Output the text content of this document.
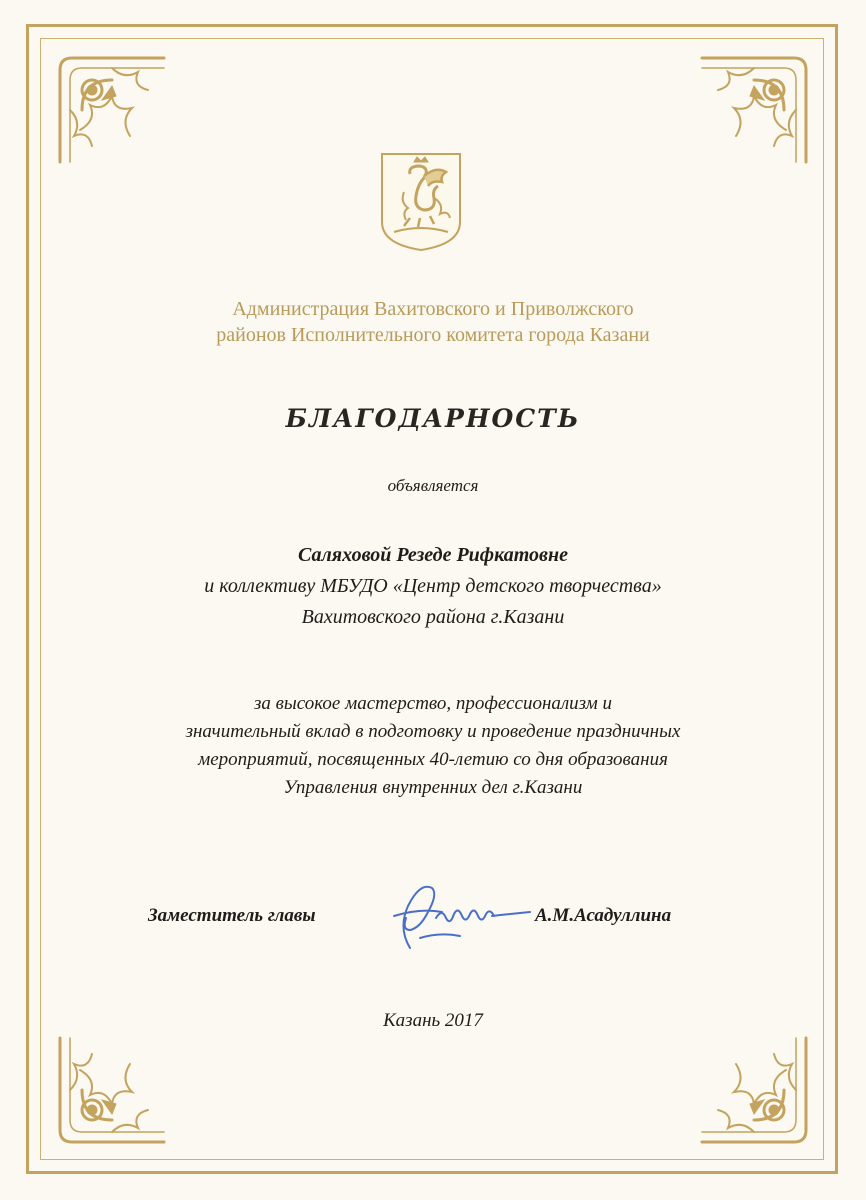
Администрация Вахитовского и Приволжского
районов Исполнительного комитета города Казани
БЛАГОДАРНОСТЬ
объявляется
Саляховой Резеде Рифкатовне
и коллективу МБУДО «Центр детского творчества»
Вахитовского района г.Казани
за высокое мастерство, профессионализм и
значительный вклад в подготовку и проведение праздничных
мероприятий, посвященных 40-летию со дня образования
Управления внутренних дел г.Казани
Заместитель главы	А.М.Асадуллина
Казань 2017
